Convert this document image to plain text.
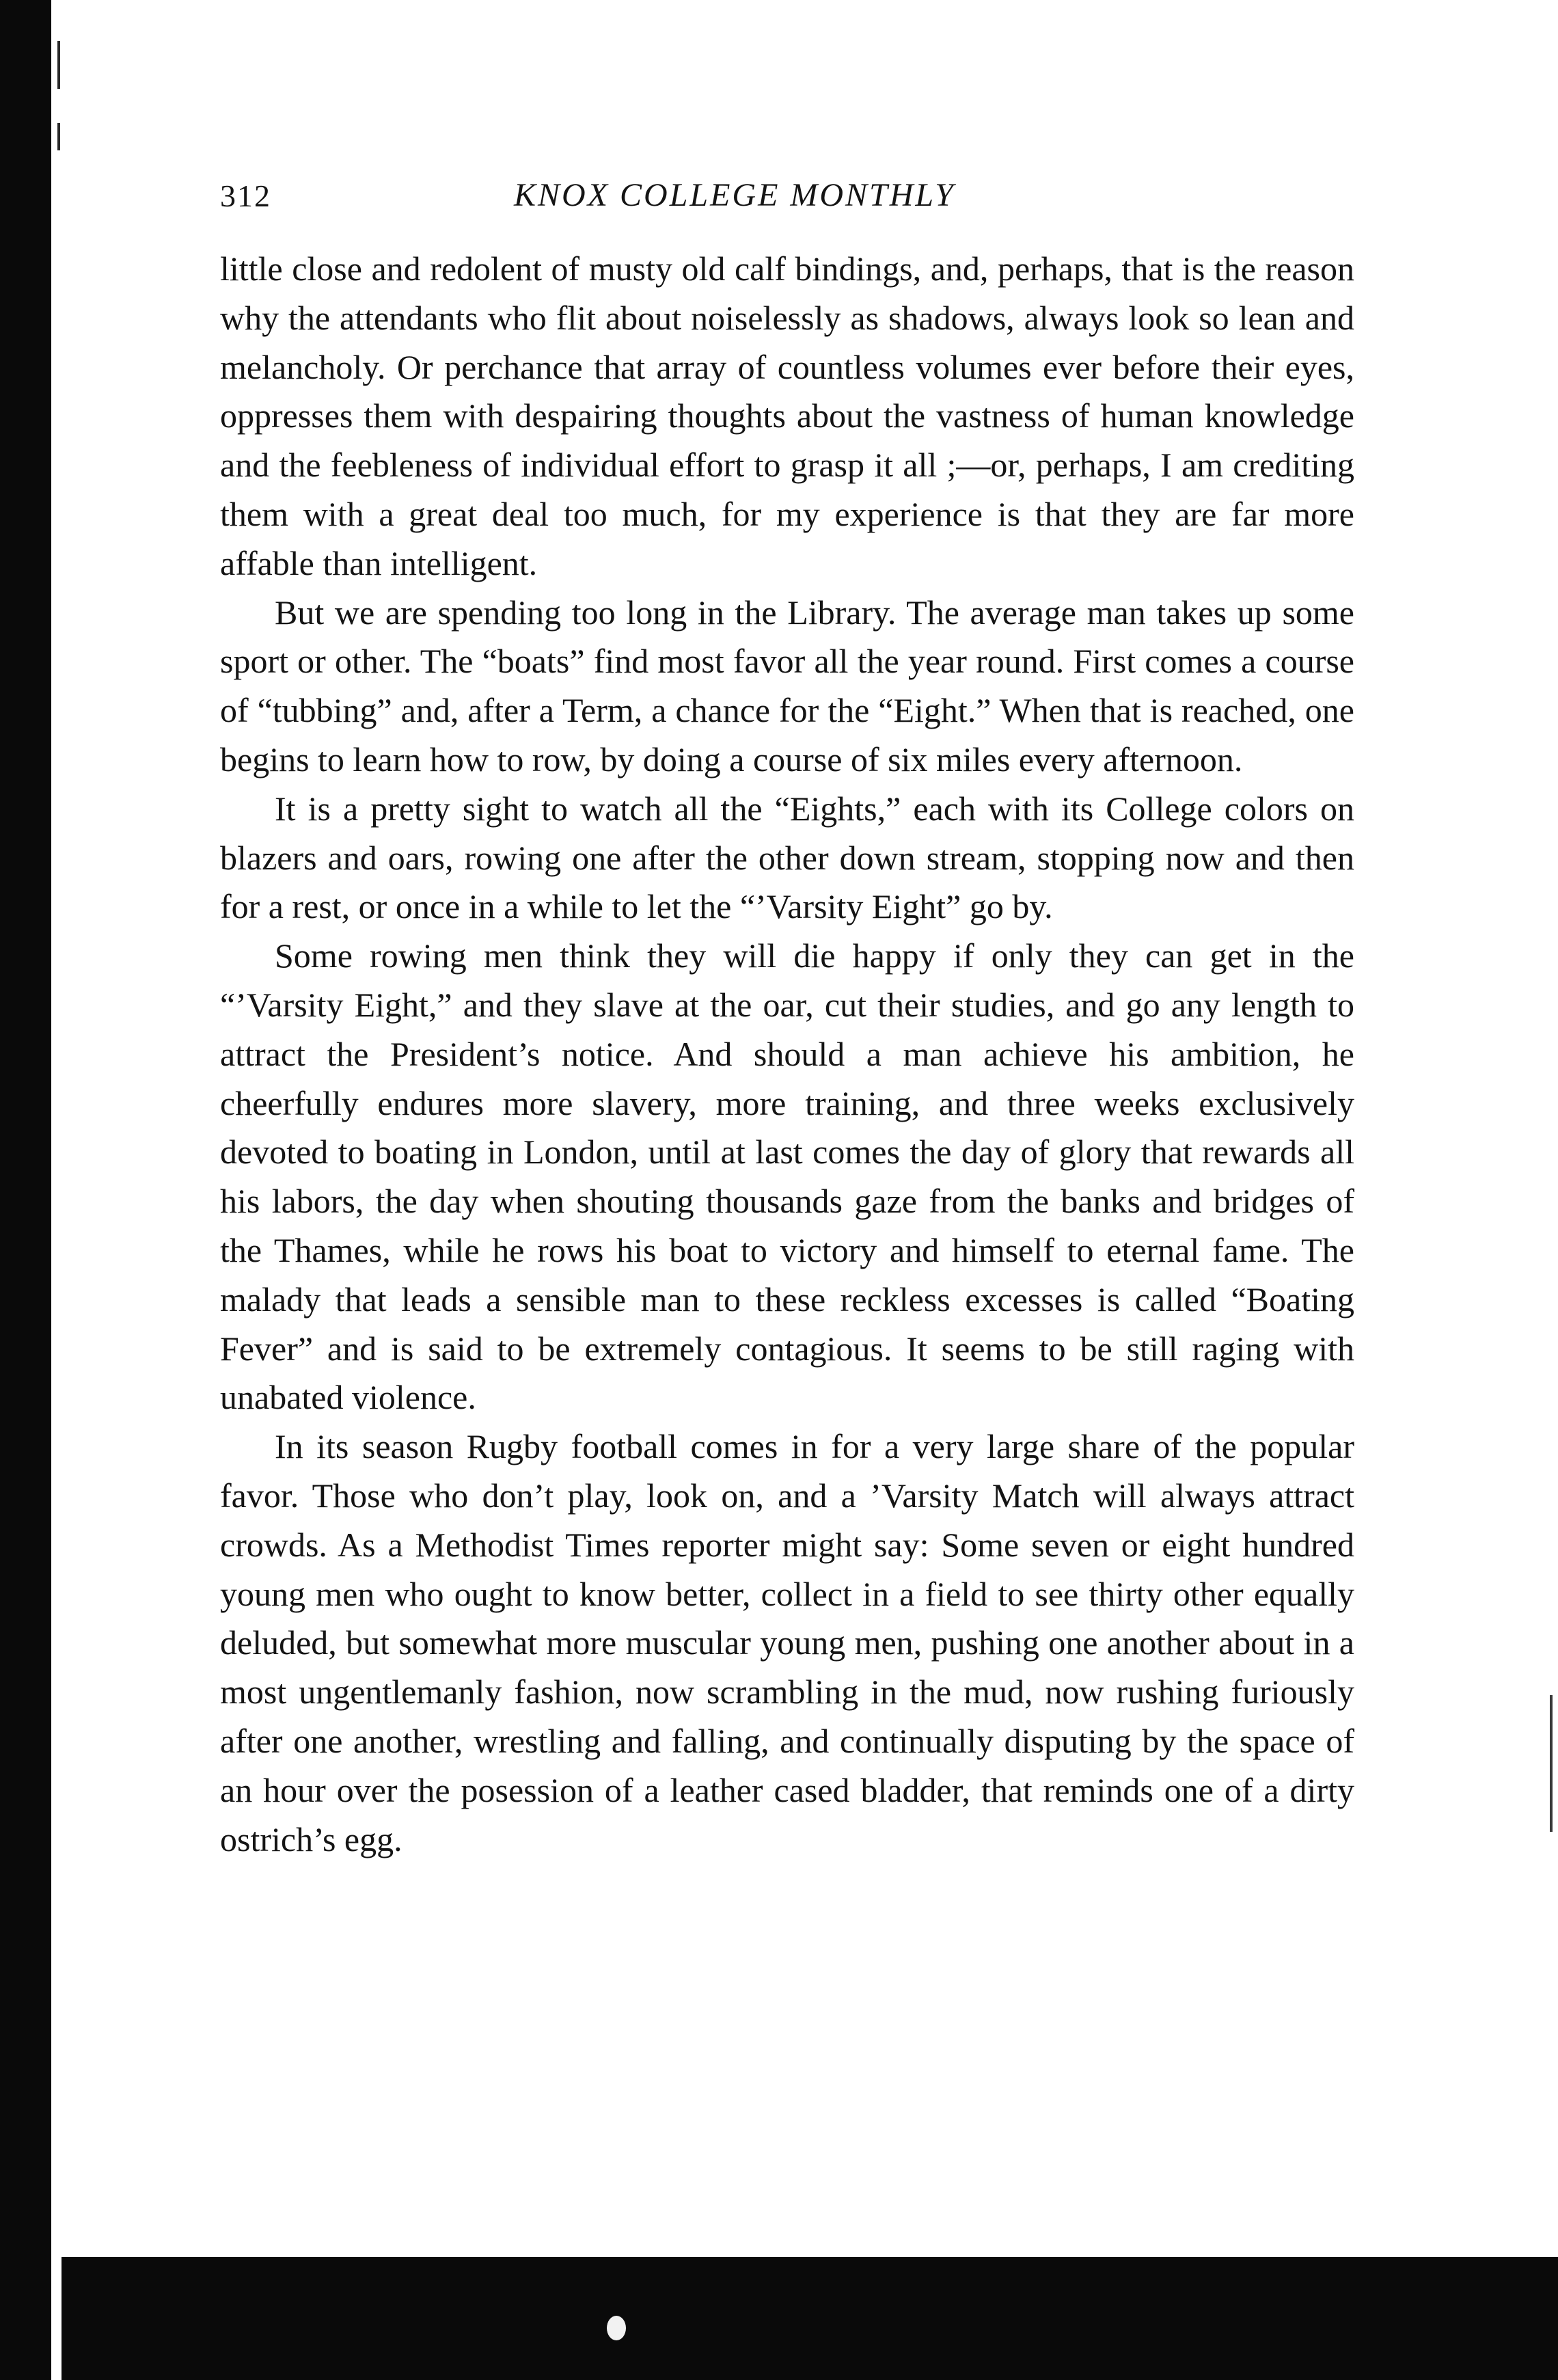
312	KNOX COLLEGE MONTHLY

little close and redolent of musty old calf bindings, and, perhaps, that is the reason why the attendants who flit about noiselessly as shadows, always look so lean and melancholy. Or perchance that array of countless volumes ever before their eyes, oppresses them with despairing thoughts about the vastness of human knowledge and the feebleness of individual effort to grasp it all ;—or, perhaps, I am crediting them with a great deal too much, for my experience is that they are far more affable than intelligent.

But we are spending too long in the Library. The average man takes up some sport or other. The “boats” find most favor all the year round. First comes a course of “tubbing” and, after a Term, a chance for the “Eight.” When that is reached, one begins to learn how to row, by doing a course of six miles every afternoon.

It is a pretty sight to watch all the “Eights,” each with its College colors on blazers and oars, rowing one after the other down stream, stopping now and then for a rest, or once in a while to let the “’Varsity Eight” go by.

Some rowing men think they will die happy if only they can get in the “’Varsity Eight,” and they slave at the oar, cut their studies, and go any length to attract the President’s notice. And should a man achieve his ambition, he cheerfully endures more slavery, more training, and three weeks exclusively devoted to boating in London, until at last comes the day of glory that rewards all his labors, the day when shouting thousands gaze from the banks and bridges of the Thames, while he rows his boat to victory and himself to eternal fame. The malady that leads a sensible man to these reckless excesses is called “Boating Fever” and is said to be extremely contagious. It seems to be still raging with unabated violence.

In its season Rugby football comes in for a very large share of the popular favor. Those who don’t play, look on, and a ’Varsity Match will always attract crowds. As a Methodist Times reporter might say: Some seven or eight hundred young men who ought to know better, collect in a field to see thirty other equally deluded, but somewhat more muscular young men, pushing one another about in a most ungentlemanly fashion, now scrambling in the mud, now rushing furiously after one another, wrestling and falling, and continually disputing by the space of an hour over the posession of a leather cased bladder, that reminds one of a dirty ostrich’s egg.
